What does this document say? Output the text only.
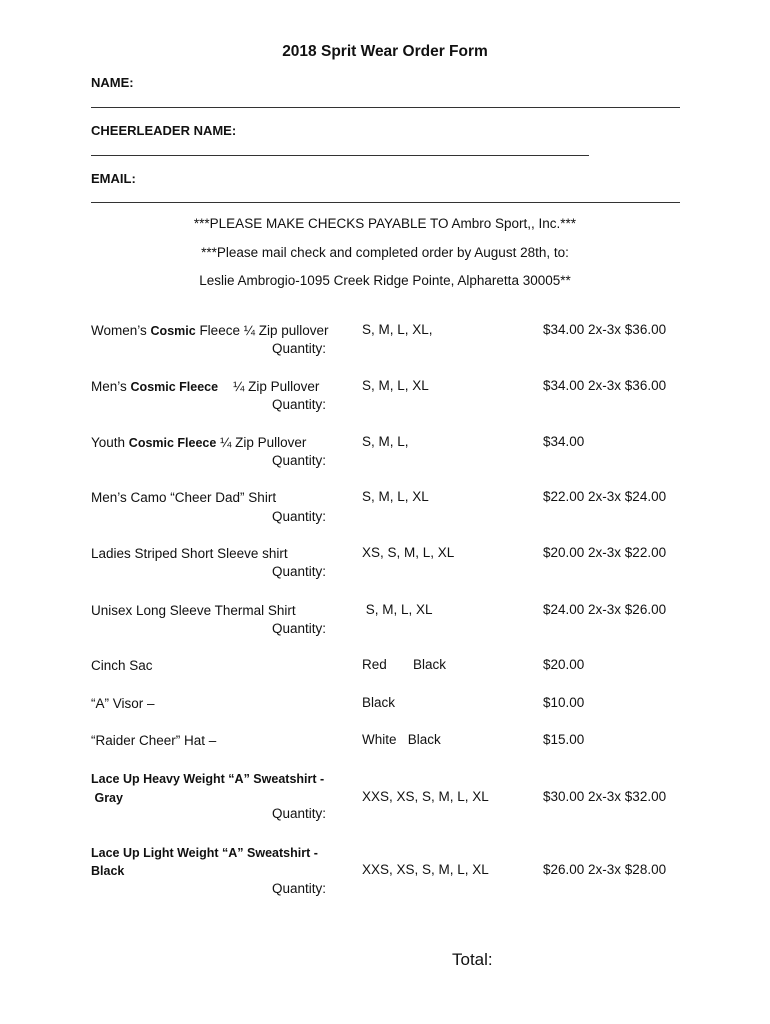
2018 Sprit Wear Order Form
NAME:
CHEERLEADER NAME:
EMAIL:
***PLEASE MAKE CHECKS PAYABLE TO Ambro Sport,, Inc.***
***Please mail check and completed order by August 28th, to:
Leslie Ambrogio-1095 Creek Ridge Pointe, Alpharetta 30005**
Women’s Cosmic Fleece ¼ Zip pullover
Quantity:
S, M, L, XL,	$34.00 2x-3x $36.00
Men’s Cosmic Fleece    ¼ Zip Pullover
Quantity:
S, M, L, XL	$34.00 2x-3x $36.00
Youth Cosmic Fleece ¼ Zip Pullover
Quantity:
S, M, L,	$34.00
Men’s Camo “Cheer Dad” Shirt
Quantity:
S, M, L, XL	$22.00 2x-3x $24.00
Ladies Striped Short Sleeve shirt
Quantity:
XS, S, M, L, XL	$20.00 2x-3x $22.00
Unisex Long Sleeve Thermal Shirt
Quantity:
S, M, L, XL	$24.00 2x-3x $26.00
Cinch Sac	Red       Black	$20.00
“A” Visor –	Black	$10.00
“Raider Cheer” Hat –	White   Black	$15.00
Lace Up Heavy Weight “A” Sweatshirt -
Gray
Quantity:
XXS, XS, S, M, L, XL	$30.00 2x-3x $32.00
Lace Up Light Weight “A” Sweatshirt -
Black
Quantity:
XXS, XS, S, M, L, XL	$26.00 2x-3x $28.00
Total:
